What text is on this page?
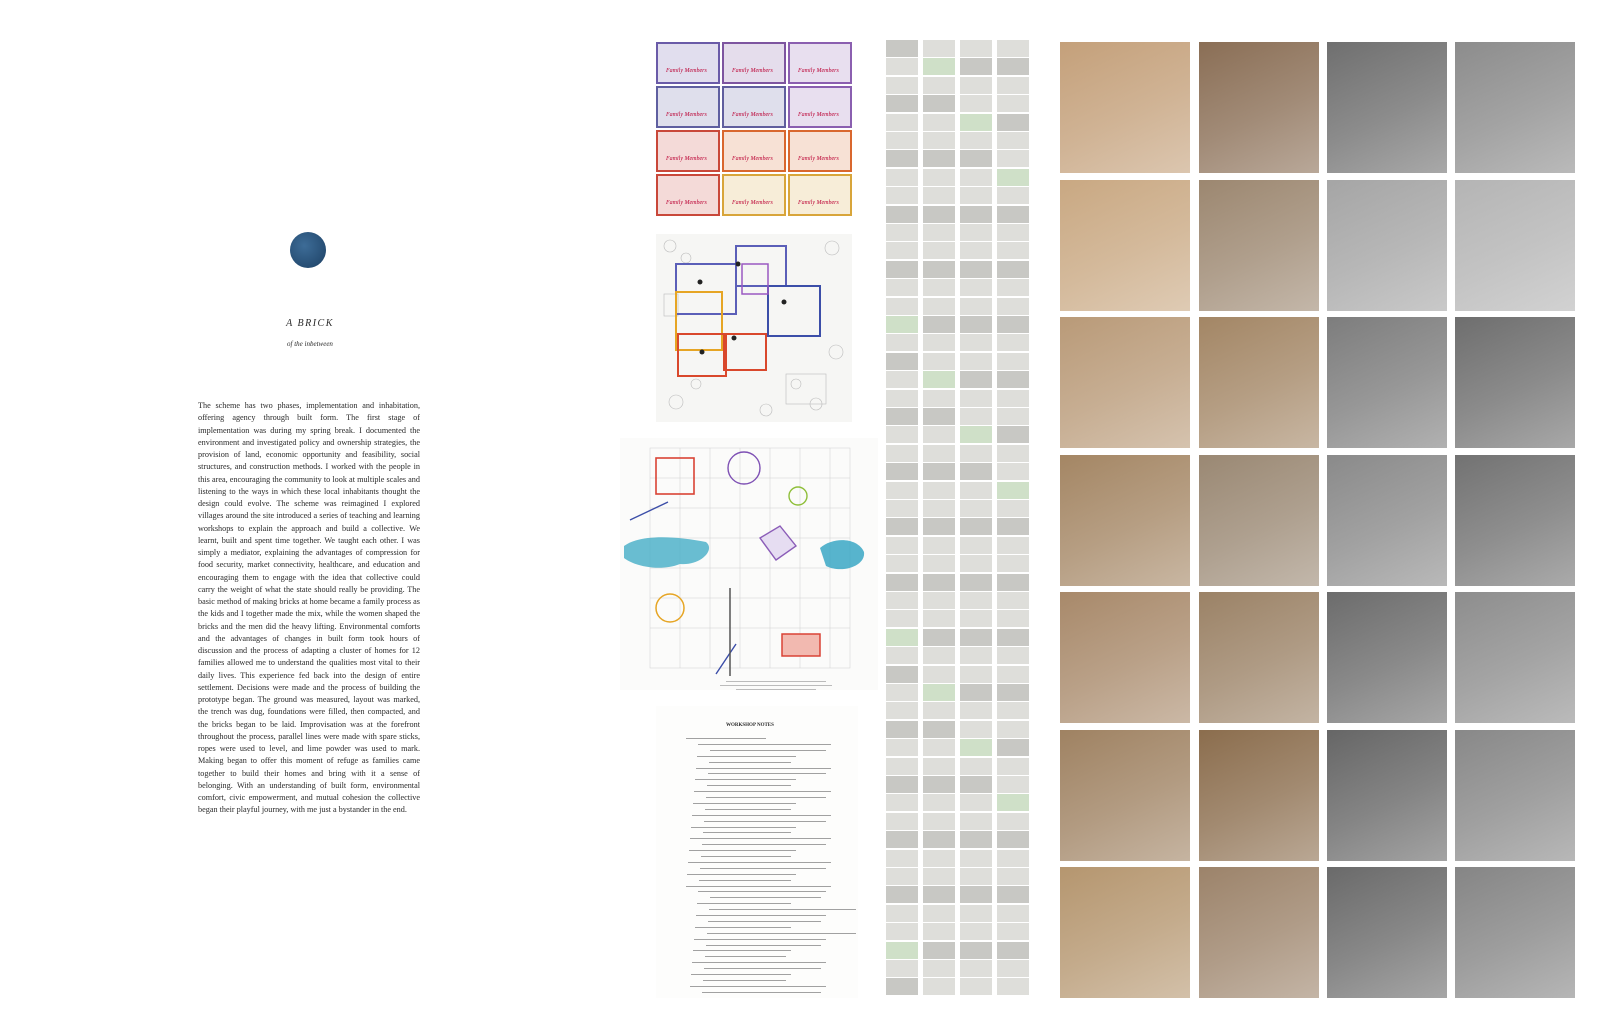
A BRICK
of the inbetween
The scheme has two phases, implementation and inhabitation, offering agency through built form. The first stage of implementation was during my spring break. I documented the environment and investigated policy and ownership strategies, the provision of land, economic opportunity and feasibility, social structures, and construction methods. I worked with the people in this area, encouraging the community to look at multiple scales and listening to the ways in which these local inhabitants thought the design could evolve. The scheme was reimagined I explored villages around the site introduced a series of teaching and learning workshops to explain the approach and build a collective. We learnt, built and spent time together. We taught each other. I was simply a mediator, explaining the advantages of compression for food security, market connectivity, healthcare, and education and encouraging them to engage with the idea that collective could carry the weight of what the state should really be providing. The basic method of making bricks at home became a family process as the kids and I together made the mix, while the women shaped the bricks and the men did the heavy lifting. Environmental comforts and the advantages of changes in built form took hours of discussion and the process of adapting a cluster of homes for 12 families allowed me to understand the qualities most vital to their daily lives. This experience fed back into the design of entire settlement. Decisions were made and the process of building the prototype began. The ground was measured, layout was marked, the trench was dug, foundations were filled, then compacted, and the bricks began to be laid. Improvisation was at the forefront throughout the process, parallel lines were made with spare sticks, ropes were used to level, and lime powder was used to mark. Making began to offer this moment of refuge as families came together to build their homes and bring with it a sense of belonging. With an understanding of built form, environmental comfort, civic empowerment, and mutual cohesion the collective began their playful journey, with me just a bystander in the end.
Family Members	Family Members	Family Members
Family Members	Family Members	Family Members
Family Members	Family Members	Family Members
Family Members	Family Members	Family Members
WORKSHOP NOTES
